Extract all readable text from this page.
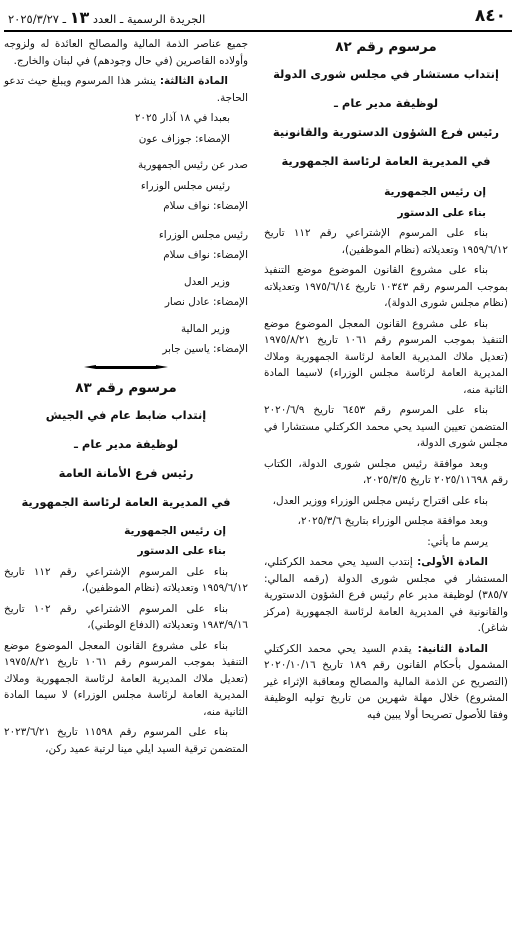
٨٤٠
الجريدة الرسمية ـ العدد ١٣ ـ ٢٠٢٥/٣/٢٧

مرسوم رقم ٨٢

إنتداب مستشار في مجلس شورى الدولة

لوظيفة مدير عام ـ

رئيس فرع الشؤون الدستورية والقانونية

في المديرية العامة لرئاسة الجمهورية

إن رئيس الجمهورية

بناء على الدستور

بناء على المرسوم الإشتراعي رقم ١١٢ تاريخ ١٩٥٩/٦/١٢ وتعديلاته (نظام الموظفين)،

بناء على مشروع القانون الموضوع موضع التنفيذ بموجب المرسوم رقم ١٠٣٤٣ تاريخ ١٩٧٥/٦/١٤ وتعديلاته (نظام مجلس شورى الدولة)،

بناء على مشروع القانون المعجل الموضوع موضع التنفيذ بموجب المرسوم رقم ١٠٦١ تاريخ ١٩٧٥/٨/٢١ (تعديل ملاك المديرية العامة لرئاسة الجمهورية وملاك المديرية العامة لرئاسة مجلس الوزراء) لاسيما المادة الثانية منه،

بناء على المرسوم رقم ٦٤٥٣ تاريخ ٢٠٢٠/٦/٩ المتضمن تعيين السيد يحي محمد الكركتلي مستشارا في مجلس شورى الدولة،

وبعد موافقة رئيس مجلس شورى الدولة، الكتاب رقم ٢٠٢٥/١١٦٩٨ تاريخ ٢٠٢٥/٣/٥،

بناء على اقتراح رئيس مجلس الوزراء ووزير العدل،

وبعد موافقة مجلس الوزراء بتاريخ ٢٠٢٥/٣/٦،

يرسم ما يأتي:

المادة الأولى: إنتدب السيد يحي محمد الكركتلي، المستشار في مجلس شورى الدولة (رقمه المالي: ٣٨٥/٧) لوظيفة مدير عام رئيس فرع الشؤون الدستورية والقانونية في المديرية العامة لرئاسة الجمهورية (مركز شاغر).

المادة الثانية: يقدم السيد يحي محمد الكركتلي المشمول بأحكام القانون رقم ١٨٩ تاريخ ٢٠٢٠/١٠/١٦ (التصريح عن الذمة المالية والمصالح ومعاقبة الإثراء غير المشروع) خلال مهلة شهرين من تاريخ توليه الوظيفة وفقا للأصول تصريحا أولا يبين فيه

جميع عناصر الذمة المالية والمصالح العائدة له ولزوجه وأولاده القاصرين (في حال وجودهم) في لبنان والخارج.

المادة الثالثة: ينشر هذا المرسوم ويبلغ حيث تدعو الحاجة.

بعبدا في ١٨ آذار ٢٠٢٥

الإمضاء: جوزاف عون

صدر عن رئيس الجمهورية

رئيس مجلس الوزراء

الإمضاء: نواف سلام

رئيس مجلس الوزراء

الإمضاء: نواف سلام

وزير العدل

الإمضاء: عادل نصار

وزير المالية

الإمضاء: ياسين جابر

مرسوم رقم ٨٣

إنتداب ضابط عام في الجيش

لوظيفة مدير عام ـ

رئيس فرع الأمانة العامة

في المديرية العامة لرئاسة الجمهورية

إن رئيس الجمهورية

بناء على الدستور

بناء على المرسوم الإشتراعي رقم ١١٢ تاريخ ١٩٥٩/٦/١٢ وتعديلاته (نظام الموظفين)،

بناء على المرسوم الاشتراعي رقم ١٠٢ تاريخ ١٩٨٣/٩/١٦ وتعديلاته (الدفاع الوطني)،

بناء على مشروع القانون المعجل الموضوع موضع التنفيذ بموجب المرسوم رقم ١٠٦١ تاريخ ١٩٧٥/٨/٢١ (تعديل ملاك المديرية العامة لرئاسة الجمهورية وملاك المديرية العامة لرئاسة مجلس الوزراء) لا سيما المادة الثانية منه،

بناء على المرسوم رقم ١١٥٩٨ تاريخ ٢٠٢٣/٦/٢١ المتضمن ترقية السيد ايلي مينا لرتبة عميد ركن،
